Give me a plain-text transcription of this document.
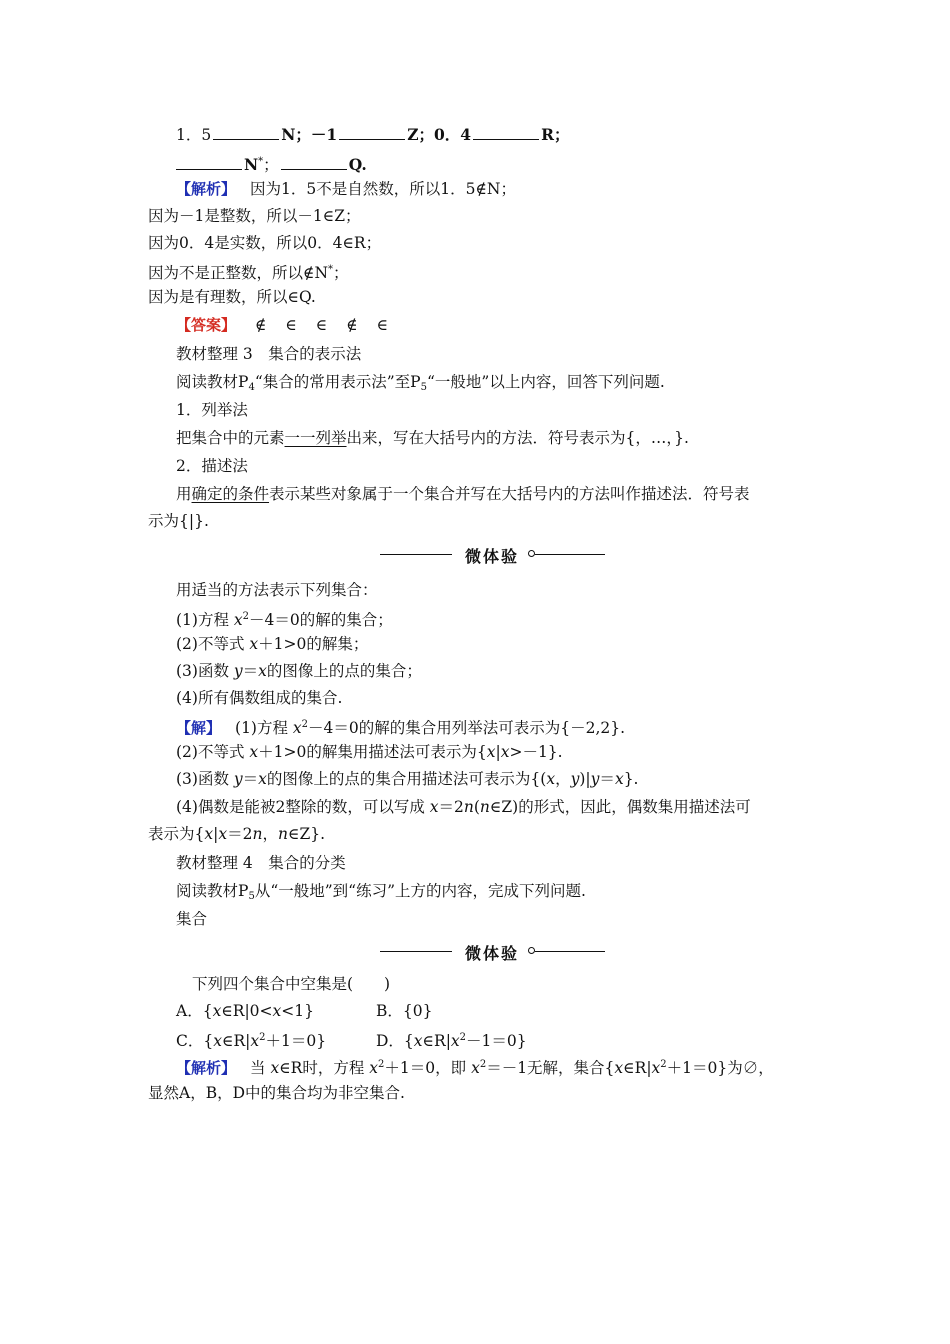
1．5	N；－1	Z；0．4	R；
N*；	Q.
【解析】 因为1．5不是自然数，所以1．5∉N；
因为－1是整数，所以－1∈Z；
因为0．4是实数，所以0．4∈R；
因为不是正整数，所以∉N*；
因为是有理数，所以∈Q.
【答案】 ∉ ∈ ∈ ∉ ∈
教材整理 3　集合的表示法
阅读教材$P_4“$集合的常用表示法”至$P_5“$一般地”以上内容，回答下列问题.
1．列举法
把集合中的元素一一列举出来，写在大括号内的方法．符号表示为{，…，}.
2．描述法
用确定的条件表示某些对象属于一个集合并写在大括号内的方法叫作描述法．符号表
示为{|}.
微体验
用适当的方法表示下列集合：
(1)方程 $x^2-4=0$的解的集合；
(2)不等式 x＋1>0的解集；
(3)函数 y＝x的图像上的点的集合；
(4)所有偶数组成的集合.
【解】 (1)方程 $x^2-4=0$的解的集合用列举法可表示为{－2,2}.
(2)不等式 x＋1>0的解集用描述法可表示为{x|x>－1}.
(3)函数 y＝x的图像上的点的集合用描述法可表示为{(x，y)|y＝x}.
(4)偶数是能被2整除的数，可以写成 x＝2n(n∈Z)的形式，因此，偶数集用描述法可
表示为{x|x＝2n，n∈Z}.
教材整理 4　集合的分类
阅读教材$P_5$从“一般地”到“练习”上方的内容，完成下列问题.
集合
微体验
下列四个集合中空集是(　　)
A．{x∈R|0<x<1}	B．{0}
C．$\{x\in R|x^2+1=0\}$	D．$\{x\in R|x^2-1=0\}$
【解析】 当 x∈R时，方程 $x^2+1=0$，即 $x^2=-1$无解，集合$\{x\in R|x^2+1=0\}$为∅，
显然A，B，D中的集合均为非空集合.
